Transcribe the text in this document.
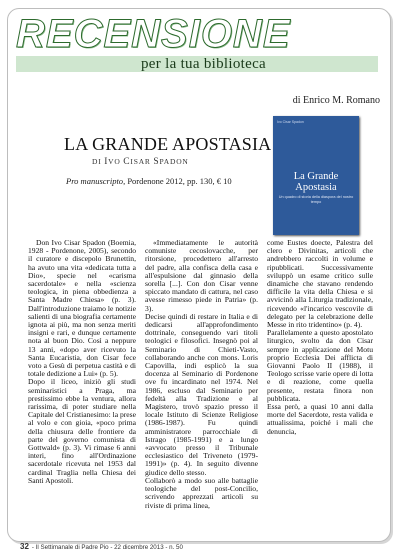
RECENSIONE
per la tua biblioteca
di Enrico M. Romano
LA GRANDE APOSTASIA
DI IVO CISAR SPADON
Pro manuscripto, Pordenone 2012, pp. 130, € 10
Ivo Cisar Spadon
La Grande
Apostasia
Un quadro di storia della diaspora del nostro tempo

Don Ivo Cisar Spadon (Boemia, 1928 - Pordenone, 2005), secondo il curatore e discepolo Brunettin, ha avuto una vita «dedicata tutta a Dio», specie nel «carisma sacerdotale» e nella «scienza teologica, in piena obbedienza a Santa Madre Chiesa» (p. 3). Dall'introduzione traiamo le notizie salienti di una biografia certamente ignota ai più, ma non senza meriti insigni e rari, e dunque certamente nota al buon Dio. Così a neppure 13 anni, «dopo aver ricevuto la Santa Eucaristia, don Cisar fece voto a Gesù di perpetua castità e di totale dedizione a Lui» (p. 5).
Dopo il liceo, iniziò gli studi seminaristici a Praga, ma prestissimo ebbe la ventura, allora rarissima, di poter studiare nella Capitale del Cristianesimo: la prese al volo e con gioia, «poco prima della chiusura delle frontiere da parte del governo comunista di Gottwald» (p. 3). Vi rimase 6 anni interi, fino all'Ordinazione sacerdotale ricevuta nel 1953 dal cardinal Traglia nella Chiesa dei Santi Apostoli.

«Immediatamente le autorità comuniste cecoslovacche, per ritorsione, procedettero all'arresto del padre, alla confisca della casa e all'espulsione dal ginnasio della sorella [...]. Con don Cisar venne spiccato mandato di cattura, nel caso avesse rimesso piede in Patria» (p. 3).
Decise quindi di restare in Italia e di dedicarsi all'approfondimento dottrinale, conseguendo vari titoli teologici e filosofici. Insegnò poi al Seminario di Chieti-Vasto, collaborando anche con mons. Loris Capovilla, indi esplicò la sua docenza al Seminario di Pordenone ove fu incardinato nel 1974. Nel 1986, escluso dal Seminario per fedeltà alla Tradizione e al Magistero, trovò spazio presso il locale Istituto di Scienze Religiose (1986-1987). Fu quindi amministratore parrocchiale di Istrago (1985-1991) e a lungo «avvocato presso il Tribunale ecclesiastico del Triveneto (1979-1991)» (p. 4). In seguito divenne giudice dello stesso.
Collaborò a modo suo alle battaglie teologiche del post-Concilio, scrivendo apprezzati articoli su riviste di prima linea,

come Eustes doecte, Palestra del clero e Divinitas, articoli che andrebbero raccolti in volume e ripubblicati. Successivamente sviluppò un esame critico sulle dinamiche che stavano rendendo difficile la vita della Chiesa e si avvicinò alla Liturgia tradizionale, ricevendo «l'incarico vescovile di delegato per la celebrazione delle Messe in rito tridentino» (p. 4).
Parallelamente a questo apostolato liturgico, svolto da don Cisar sempre in applicazione del Motu proprio Ecclesia Dei afflicta di Giovanni Paolo II (1988), il Teologo scrisse varie opere di lotta e di reazione, come quella presente, restata finora non pubblicata.
Essa però, a quasi 10 anni dalla morte del Sacerdote, resta valida e attualissima, poiché i mali che denuncia,

32 - Il Settimanale di Padre Pio - 22 dicembre 2013 - n. 50
